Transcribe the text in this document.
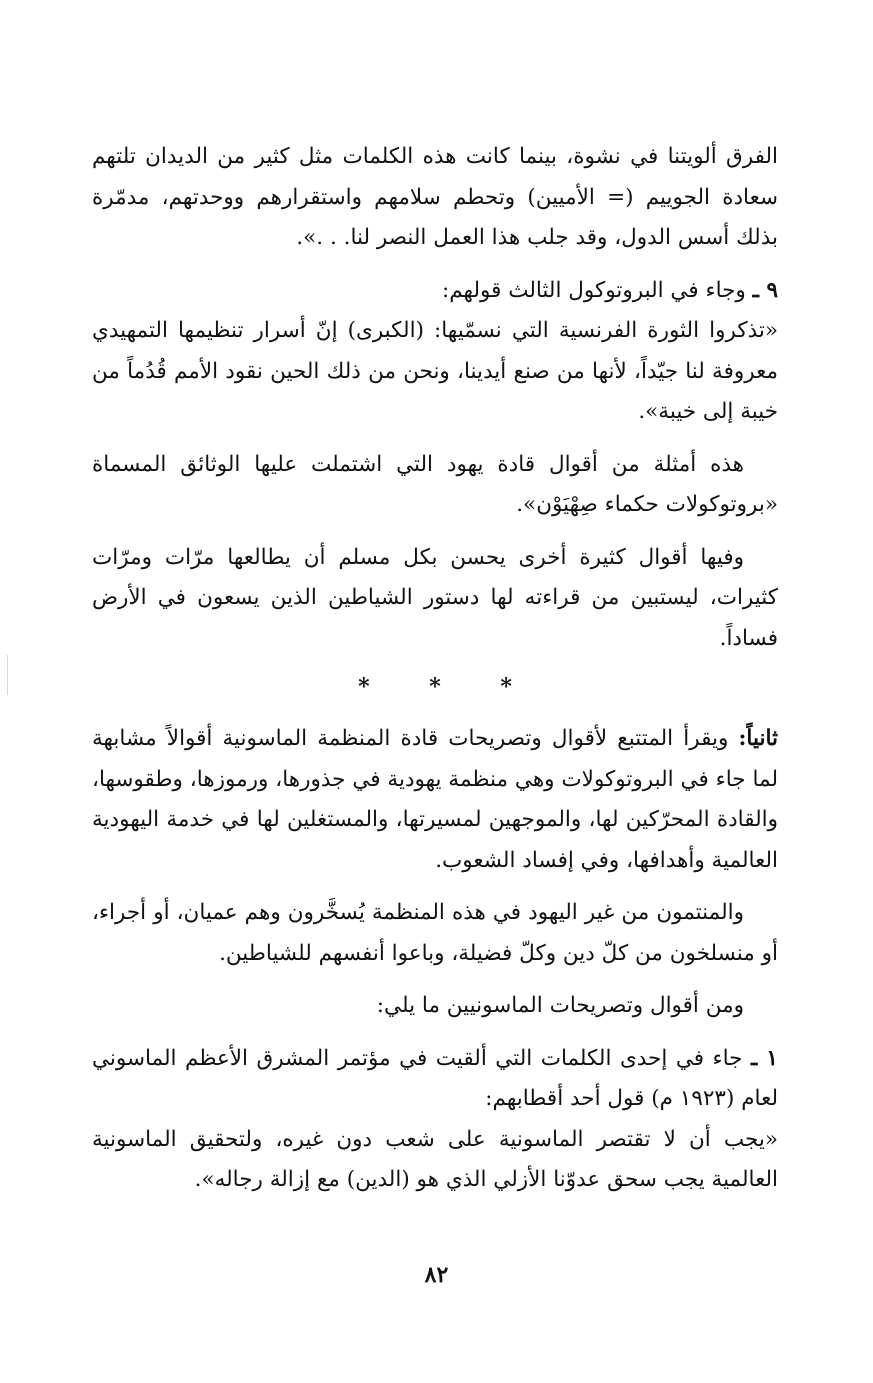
الفرق ألويتنا في نشوة، بينما كانت هذه الكلمات مثل كثير من الديدان تلتهم سعادة الجوييم (= الأميين) وتحطم سلامهم واستقرارهم ووحدتهم، مدمّرة بذلك أسس الدول، وقد جلب هذا العمل النصر لنا. . .».

٩ ـ وجاء في البروتوكول الثالث قولهم:

«تذكروا الثورة الفرنسية التي نسمّيها: (الكبرى) إنّ أسرار تنظيمها التمهيدي معروفة لنا جيّداً، لأنها من صنع أيدينا، ونحن من ذلك الحين نقود الأمم قُدُماً من خيبة إلى خيبة».

هذه أمثلة من أقوال قادة يهود التي اشتملت عليها الوثائق المسماة «بروتوكولات حكماء صِهْيَوْن».

وفيها أقوال كثيرة أخرى يحسن بكل مسلم أن يطالعها مرّات ومرّات كثيرات، ليستبين من قراءته لها دستور الشياطين الذين يسعون في الأرض فساداً.

* * *

ثانياً: ويقرأ المتتبع لأقوال وتصريحات قادة المنظمة الماسونية أقوالاً مشابهة لما جاء في البروتوكولات وهي منظمة يهودية في جذورها، ورموزها، وطقوسها، والقادة المحرّكين لها، والموجهين لمسيرتها، والمستغلين لها في خدمة اليهودية العالمية وأهدافها، وفي إفساد الشعوب.

والمنتمون من غير اليهود في هذه المنظمة يُسخَّرون وهم عميان، أو أجراء، أو منسلخون من كلّ دين وكلّ فضيلة، وباعوا أنفسهم للشياطين.

ومن أقوال وتصريحات الماسونيين ما يلي:

١ ـ جاء في إحدى الكلمات التي ألقيت في مؤتمر المشرق الأعظم الماسوني لعام (١٩٢٣ م) قول أحد أقطابهم:

«يجب أن لا تقتصر الماسونية على شعب دون غيره، ولتحقيق الماسونية العالمية يجب سحق عدوّنا الأزلي الذي هو (الدين) مع إزالة رجاله».

٨٢
